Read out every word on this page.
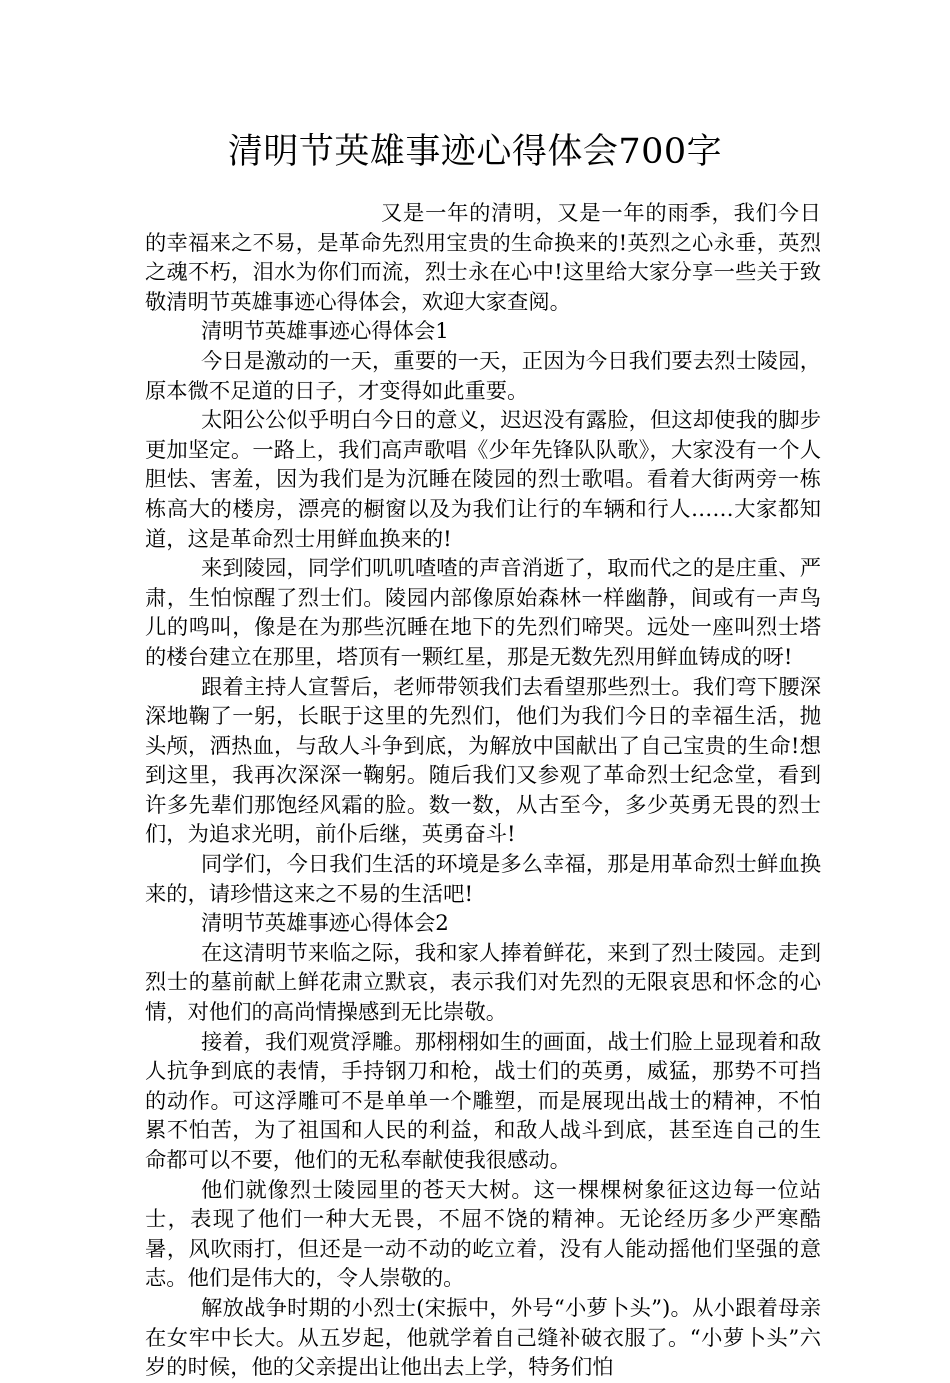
清明节英雄事迹心得体会700字

又是一年的清明，又是一年的雨季，我们今日的幸福来之不易，是革命先烈用宝贵的生命换来的!英烈之心永垂，英烈之魂不朽，泪水为你们而流，烈士永在心中!这里给大家分享一些关于致敬清明节英雄事迹心得体会，欢迎大家查阅。

清明节英雄事迹心得体会1

今日是激动的一天，重要的一天，正因为今日我们要去烈士陵园，原本微不足道的日子，才变得如此重要。

太阳公公似乎明白今日的意义，迟迟没有露脸，但这却使我的脚步更加坚定。一路上，我们高声歌唱《少年先锋队队歌》，大家没有一个人胆怯、害羞，因为我们是为沉睡在陵园的烈士歌唱。看着大街两旁一栋栋高大的楼房，漂亮的橱窗以及为我们让行的车辆和行人……大家都知道，这是革命烈士用鲜血换来的!

来到陵园，同学们叽叽喳喳的声音消逝了，取而代之的是庄重、严肃，生怕惊醒了烈士们。陵园内部像原始森林一样幽静，间或有一声鸟儿的鸣叫，像是在为那些沉睡在地下的先烈们啼哭。远处一座叫烈士塔的楼台建立在那里，塔顶有一颗红星，那是无数先烈用鲜血铸成的呀!

跟着主持人宣誓后，老师带领我们去看望那些烈士。我们弯下腰深深地鞠了一躬，长眠于这里的先烈们，他们为我们今日的幸福生活，抛头颅，洒热血，与敌人斗争到底，为解放中国献出了自己宝贵的生命!想到这里，我再次深深一鞠躬。随后我们又参观了革命烈士纪念堂，看到许多先辈们那饱经风霜的脸。数一数，从古至今，多少英勇无畏的烈士们，为追求光明，前仆后继，英勇奋斗!

同学们，今日我们生活的环境是多么幸福，那是用革命烈士鲜血换来的，请珍惜这来之不易的生活吧!

清明节英雄事迹心得体会2

在这清明节来临之际，我和家人捧着鲜花，来到了烈士陵园。走到烈士的墓前献上鲜花肃立默哀，表示我们对先烈的无限哀思和怀念的心情，对他们的高尚情操感到无比崇敬。

接着，我们观赏浮雕。那栩栩如生的画面，战士们脸上显现着和敌人抗争到底的表情，手持钢刀和枪，战士们的英勇，威猛，那势不可挡的动作。可这浮雕可不是单单一个雕塑，而是展现出战士的精神，不怕累不怕苦，为了祖国和人民的利益，和敌人战斗到底，甚至连自己的生命都可以不要，他们的无私奉献使我很感动。

他们就像烈士陵园里的苍天大树。这一棵棵树象征这边每一位站士，表现了他们一种大无畏，不屈不饶的精神。无论经历多少严寒酷暑，风吹雨打，但还是一动不动的屹立着，没有人能动摇他们坚强的意志。他们是伟大的，令人崇敬的。

解放战争时期的小烈士(宋振中，外号“小萝卜头”)。从小跟着母亲在女牢中长大。从五岁起，他就学着自己缝补破衣服了。“小萝卜头”六岁的时候，他的父亲提出让他出去上学，特务们怕
